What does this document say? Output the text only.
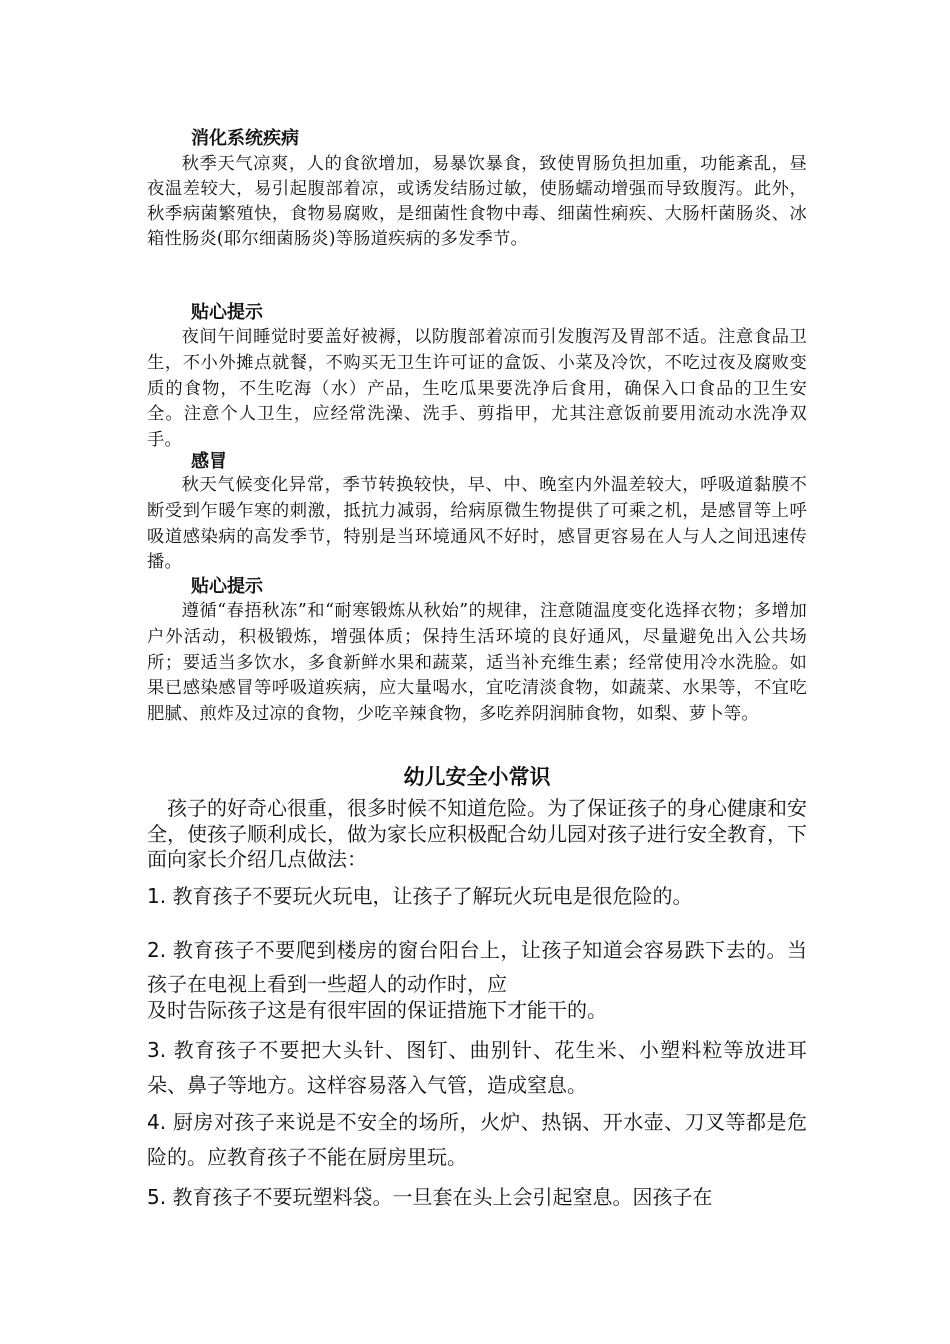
消化系统疾病
秋季天气凉爽，人的食欲增加，易暴饮暴食，致使胃肠负担加重，功能紊乱，昼夜温差较大，易引起腹部着凉，或诱发结肠过敏，使肠蠕动增强而导致腹泻。此外，秋季病菌繁殖快，食物易腐败，是细菌性食物中毒、细菌性痢疾、大肠杆菌肠炎、冰箱性肠炎(耶尔细菌肠炎)等肠道疾病的多发季节。
贴心提示
夜间午间睡觉时要盖好被褥，以防腹部着凉而引发腹泻及胃部不适。注意食品卫生，不小外摊点就餐，不购买无卫生许可证的盒饭、小菜及冷饮，不吃过夜及腐败变质的食物，不生吃海（水）产品，生吃瓜果要洗净后食用，确保入口食品的卫生安全。注意个人卫生，应经常洗澡、洗手、剪指甲，尤其注意饭前要用流动水洗净双手。
感冒
秋天气候变化异常，季节转换较快，早、中、晚室内外温差较大，呼吸道黏膜不断受到乍暖乍寒的刺激，抵抗力减弱，给病原微生物提供了可乘之机，是感冒等上呼吸道感染病的高发季节，特别是当环境通风不好时，感冒更容易在人与人之间迅速传播。
贴心提示
遵循“春捂秋冻”和“耐寒锻炼从秋始”的规律，注意随温度变化选择衣物；多增加户外活动，积极锻炼，增强体质；保持生活环境的良好通风，尽量避免出入公共场所；要适当多饮水，多食新鲜水果和蔬菜，适当补充维生素；经常使用冷水洗脸。如果已感染感冒等呼吸道疾病，应大量喝水，宜吃清淡食物，如蔬菜、水果等，不宜吃肥腻、煎炸及过凉的食物，少吃辛辣食物，多吃养阴润肺食物，如梨、萝卜等。
幼儿安全小常识
孩子的好奇心很重，很多时候不知道危险。为了保证孩子的身心健康和安全，使孩子顺利成长，做为家长应积极配合幼儿园对孩子进行安全教育，下面向家长介绍几点做法：
1. 教育孩子不要玩火玩电，让孩子了解玩火玩电是很危险的。
2. 教育孩子不要爬到楼房的窗台阳台上，让孩子知道会容易跌下去的。当孩子在电视上看到一些超人的动作时，应
及时告际孩子这是有很牢固的保证措施下才能干的。
3. 教育孩子不要把大头针、图钉、曲别针、花生米、小塑料粒等放进耳朵、鼻子等地方。这样容易落入气管，造成窒息。
4. 厨房对孩子来说是不安全的场所，火炉、热锅、开水壶、刀叉等都是危险的。应教育孩子不能在厨房里玩。
5. 教育孩子不要玩塑料袋。一旦套在头上会引起窒息。因孩子在
